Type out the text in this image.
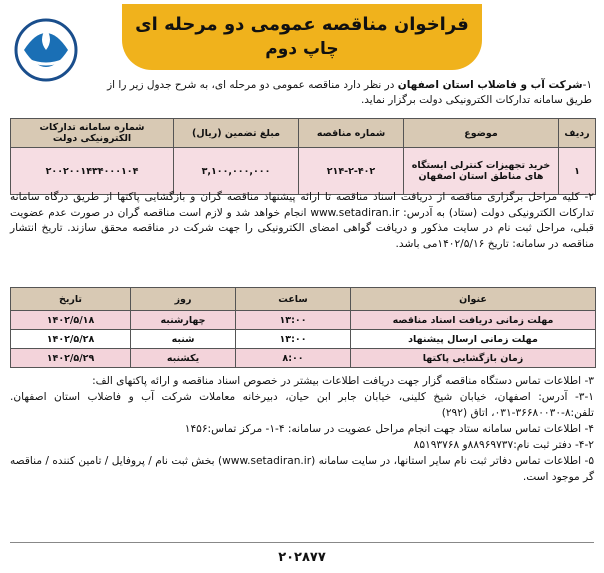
فراخوان مناقصه عمومی دو مرحله ای
چاپ دوم
۱-شرکت آب و فاضلاب استان اصفهان در نظر دارد مناقصه عمومی دو مرحله ای، به شرح جدول زیر را از طریق سامانه تدارکات الکترونیکی دولت برگزار نماید.
ردیف	موضوع	شماره مناقصه	مبلغ تضمین (ریال)	شماره سامانه تدارکات الکترونیکی دولت
۱	خرید تجهیزات کنترلی ایستگاه های مناطق استان اصفهان	۲۱۴-۲-۴۰۲	۳,۱۰۰,۰۰۰,۰۰۰	۲۰۰۲۰۰۱۴۳۴۰۰۰۱۰۴
۲- کلیه مراحل برگزاری مناقصه از دریافت اسناد مناقصه تا ارائه پیشنهاد مناقصه گران و بازگشایی پاکتها از طریق درگاه سامانه تدارکات الکترونیکی دولت (ستاد) به آدرس: www.setadiran.ir انجام خواهد شد و لازم است مناقصه گران در صورت عدم عضویت قبلی، مراحل ثبت نام در سایت مذکور و دریافت گواهی امضای الکترونیکی را جهت شرکت در مناقصه محقق سازند. تاریخ انتشار مناقصه در سامانه: تاریخ ۱۴۰۲/۵/۱۶می باشد.
عنوان	ساعت	روز	تاریخ
مهلت زمانی دریافت اسناد مناقصه	۱۳:۰۰	چهارشنبه	۱۴۰۲/۵/۱۸
مهلت زمانی ارسال پیشنهاد	۱۳:۰۰	شنبه	۱۴۰۲/۵/۲۸
زمان بازگشایی پاکتها	۸:۰۰	یکشنبه	۱۴۰۲/۵/۲۹

۳- اطلاعات تماس دستگاه مناقصه گزار جهت دریافت اطلاعات بیشتر در خصوص اسناد مناقصه و ارائه پاکتهای الف:

۳-۱- آدرس: اصفهان، خیابان شیخ کلینی، خیابان جابر ابن حیان، دبیرخانه معاملات شرکت آب و فاضلاب استان اصفهان. تلفن:۸-۳۶۶۸۰۰۳۰-۰۳۱، اتاق (۲۹۲)

۴- اطلاعات تماس سامانه ستاد جهت انجام مراحل عضویت در سامانه: ۴-۱- مرکز تماس:۱۴۵۶

۴-۲- دفتر ثبت نام:۸۸۹۶۹۷۳۷و ۸۵۱۹۳۷۶۸

۵- اطلاعات تماس دفاتر ثبت نام سایر استانها، در سایت سامانه (www.setadiran.ir) بخش ثبت نام / پروفایل / تامین کننده / مناقصه گر موجود است.

۲۰۲۸۷۷
